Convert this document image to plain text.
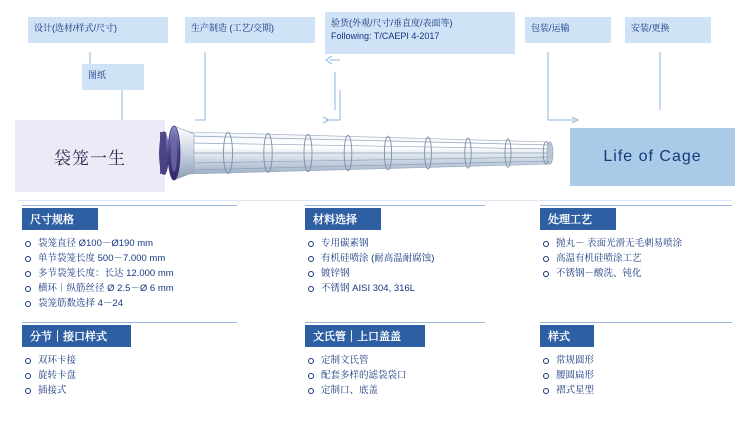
设计(选材/样式/尺寸)
图纸
生产制造 (工艺/交期)	验货(外观/尺寸/垂直度/表面等)
Following: T/CAEPI 4-2017
包装/运输	安装/更换
袋笼一生	Life of Cage
尺寸规格
袋笼直径 Ø100－Ø190 mm
单节袋笼长度 500－7.000 mm
多节袋笼长度：长达 12.000 mm
横环｜纵筋丝径 Ø 2.5－Ø 6 mm
袋笼筋数选择 4－24
材料选择
专用碳素钢
有机硅喷涂 (耐高温耐腐蚀)
镀锌钢
不锈钢 AISI 304, 316L
处理工艺
抛丸－ 表面光滑无毛刺易喷涂
高温有机硅喷涂工艺
不锈钢－酸洗、钝化
分节｜接口样式
双环卡接
旋转卡盘
插接式
文氏管｜上口盖盖
定制文氏管
配套多样的滤袋袋口
定制口、底盖
样式
常规圆形
腰圆扁形
褶式星型
